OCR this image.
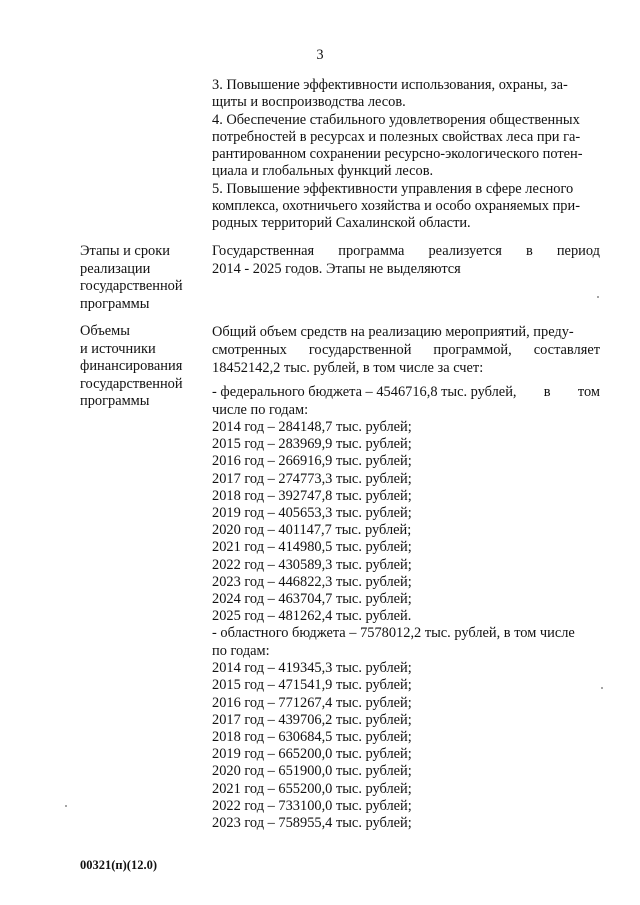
3

3. Повышение эффективности использования, охраны, за-
щиты и воспроизводства лесов.

4. Обеспечение стабильного удовлетворения общественных
потребностей в ресурсах и полезных свойствах леса при га-
рантированном сохранении ресурсно-экологического потен-
циала и глобальных функций лесов.

5. Повышение эффективности управления в сфере лесного
комплекса, охотничьего хозяйства и особо охраняемых при-
родных территорий Сахалинской области.

Этапы и сроки
реализации
государственной
программы
Государственная программа реализуется в период
2014 - 2025 годов. Этапы не выделяются
Объемы
и источники
финансирования
государственной
программы
Общий объем средств на реализацию мероприятий, преду-
смотренных государственной программой, составляет
18452142,2 тыс. рублей, в том числе за счет:
- федерального бюджета – 4546716,8 тыс. рублей, в том
числе по годам:
2014 год – 284148,7 тыс. рублей;
2015 год – 283969,9 тыс. рублей;
2016 год – 266916,9 тыс. рублей;
2017 год – 274773,3 тыс. рублей;
2018 год – 392747,8 тыс. рублей;
2019 год – 405653,3 тыс. рублей;
2020 год – 401147,7 тыс. рублей;
2021 год – 414980,5 тыс. рублей;
2022 год – 430589,3 тыс. рублей;
2023 год – 446822,3 тыс. рублей;
2024 год – 463704,7 тыс. рублей;
2025 год – 481262,4 тыс. рублей.
- областного бюджета – 7578012,2 тыс. рублей, в том числе
по годам:
2014 год – 419345,3 тыс. рублей;
2015 год – 471541,9 тыс. рублей;
2016 год – 771267,4 тыс. рублей;
2017 год – 439706,2 тыс. рублей;
2018 год – 630684,5 тыс. рублей;
2019 год – 665200,0 тыс. рублей;
2020 год – 651900,0 тыс. рублей;
2021 год – 655200,0 тыс. рублей;
2022 год – 733100,0 тыс. рублей;
2023 год – 758955,4 тыс. рублей;
00321(п)(12.0)
